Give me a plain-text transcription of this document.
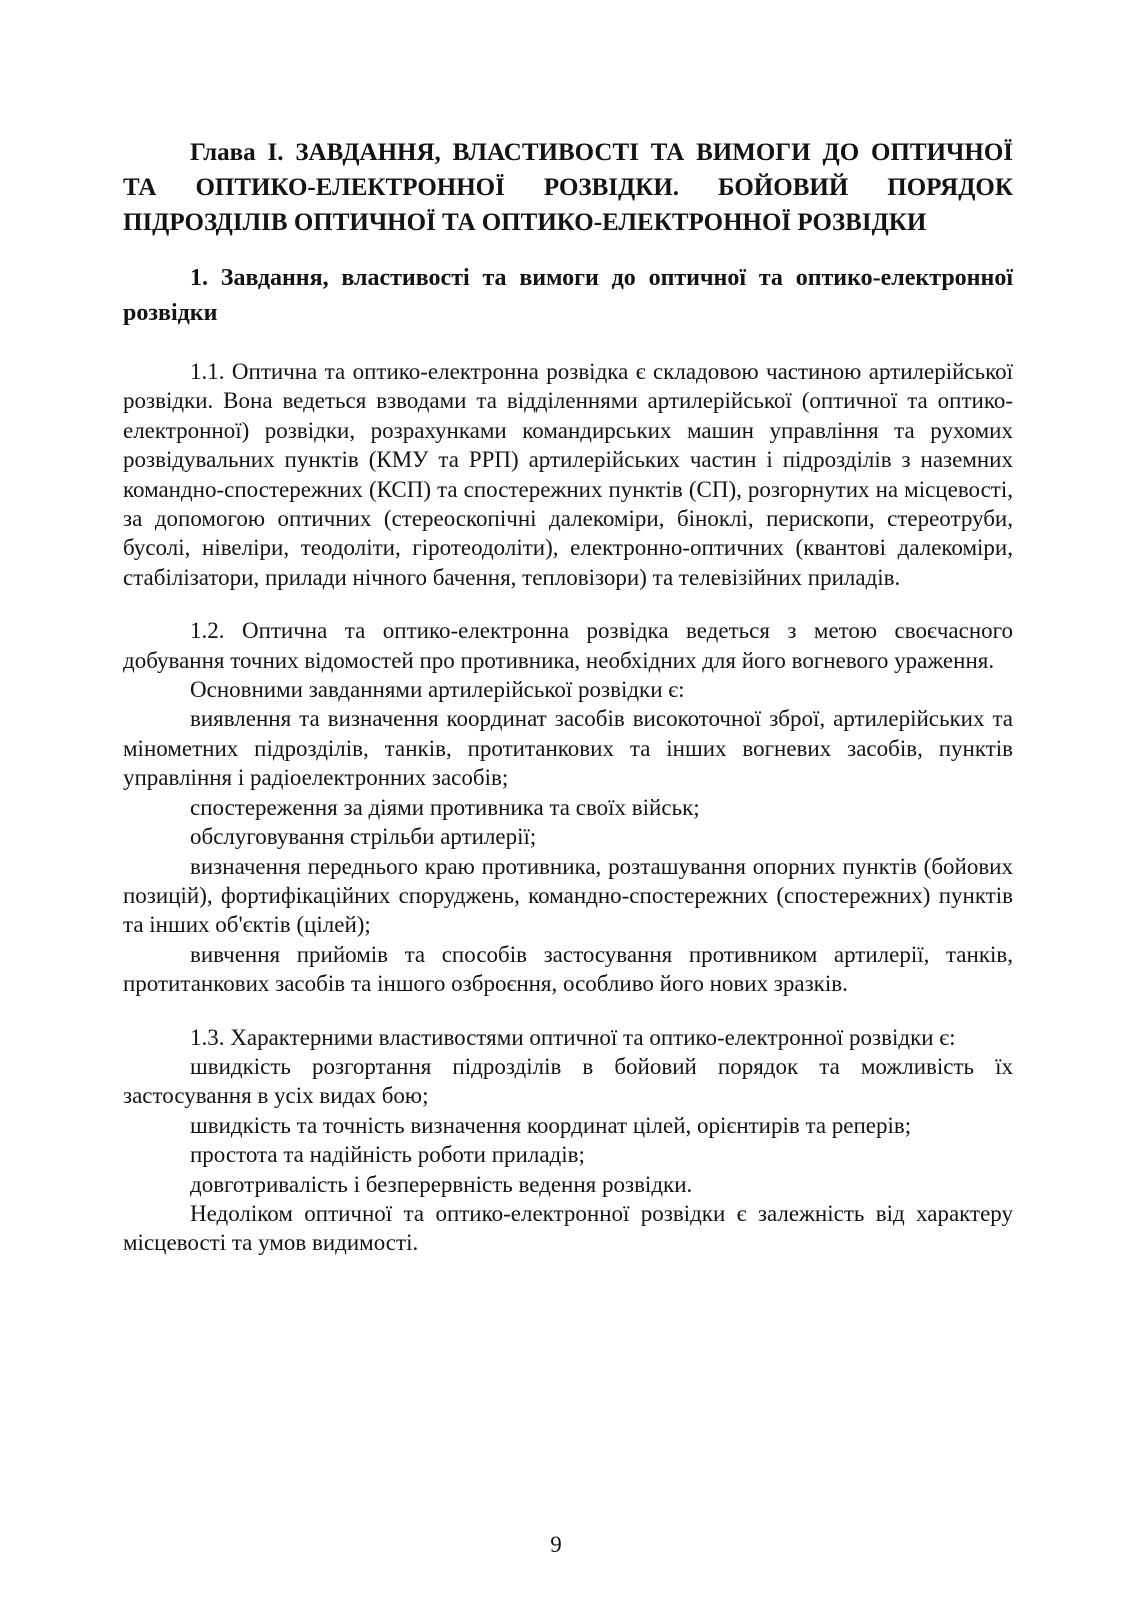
Глава І. ЗАВДАННЯ, ВЛАСТИВОСТІ ТА ВИМОГИ ДО ОПТИЧНОЇ ТА ОПТИКО-ЕЛЕКТРОННОЇ РОЗВІДКИ. БОЙОВИЙ ПОРЯДОК ПІДРОЗДІЛІВ ОПТИЧНОЇ ТА ОПТИКО-ЕЛЕКТРОННОЇ РОЗВІДКИ
1. Завдання, властивості та вимоги до оптичної та оптико-електронної розвідки

1.1. Оптична та оптико-електронна розвідка є складовою частиною артилерійської розвідки. Вона ведеться взводами та відділеннями артилерійської (оптичної та оптико-електронної) розвідки, розрахунками командирських машин управління та рухомих розвідувальних пунктів (КМУ та РРП) артилерійських частин і підрозділів з наземних командно-спостережних (КСП) та спостережних пунктів (СП), розгорнутих на місцевості, за допомогою оптичних (стереоскопічні далекоміри, біноклі, перископи, стереотруби, бусолі, нівеліри, теодоліти, гіротеодоліти), електронно-оптичних (квантові далекоміри, стабілізатори, прилади нічного бачення, тепловізори) та телевізійних приладів.

1.2. Оптична та оптико-електронна розвідка ведеться з метою своєчасного добування точних відомостей про противника, необхідних для його вогневого ураження.

Основними завданнями артилерійської розвідки є:

виявлення та визначення координат засобів високоточної зброї, артилерійських та мінометних підрозділів, танків, протитанкових та інших вогневих засобів, пунктів управління і радіоелектронних засобів;

спостереження за діями противника та своїх військ;

обслуговування стрільби артилерії;

визначення переднього краю противника, розташування опорних пунктів (бойових позицій), фортифікаційних споруджень, командно-спостережних (спостережних) пунктів та інших об'єктів (цілей);

вивчення прийомів та способів застосування противником артилерії, танків, протитанкових засобів та іншого озброєння, особливо його нових зразків.

1.3. Характерними властивостями оптичної та оптико-електронної розвідки є:

швидкість розгортання підрозділів в бойовий порядок та можливість їх застосування в усіх видах бою;

швидкість та точність визначення координат цілей, орієнтирів та реперів;

простота та надійність роботи приладів;

довготривалість і безперервність ведення розвідки.

Недоліком оптичної та оптико-електронної розвідки є залежність від характеру місцевості та умов видимості.

9
